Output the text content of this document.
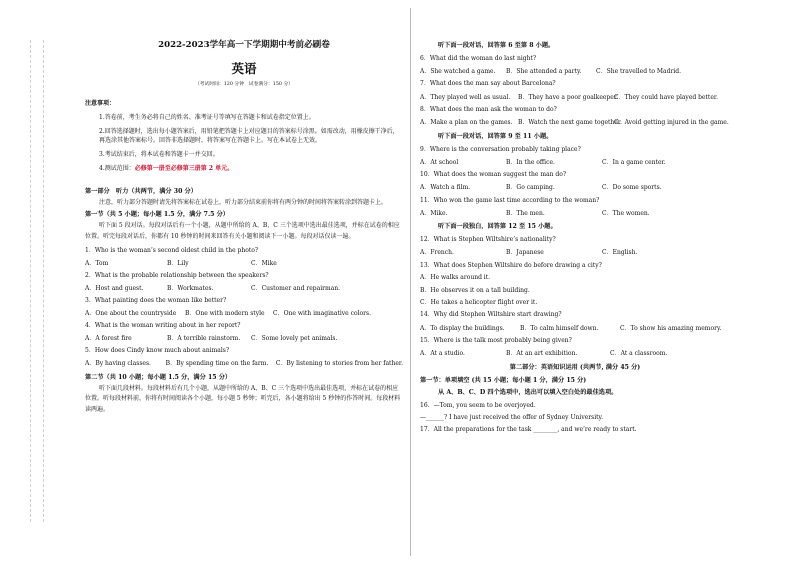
2022-2023学年高一下学期期中考前必刷卷
英语
（考试时间：120 分钟　试卷满分：150 分）
注意事项：
1.答卷前，考生务必将自己的姓名、准考证号等填写在答题卡和试卷指定位置上。
2.回答选择题时，选出每小题答案后，用铅笔把答题卡上对应题目的答案标号涂黑。如需改动，用橡皮擦干净后，再选涂其他答案标号。回答非选择题时，将答案写在答题卡上。写在本试卷上无效。
3.考试结束后，将本试卷和答题卡一并交回。
4.测试范围：必修第一册至必修第三册第 2 单元。
第一部分　听力（共两节，满分 30 分）
注意，听力部分答题时请先将答案标在试卷上，听力部分结束前你将有两分钟的时间将答案转涂到答题卡上。
第一节（共 5 小题；每小题 1.5 分，满分 7.5 分）
听下面 5 段对话。每段对话后有一个小题，从题中所给的 A、B、C 三个选项中选出最佳选项，并标在试卷的相应位置。听完每段对话后，你都有 10 秒钟的时间来回答有关小题和阅读下一小题。每段对话仅读一遍。
1．Who is the woman’s second oldest child in the photo?
A．Tom	B．Lily	C．Mike
2．What is the probable relationship between the speakers?
A．Host and guest.	B．Workmates.	C．Customer and repairman.
3．What painting does the woman like better?
A．One about the countryside	B．One with modern style	C．One with imaginative colors.
4．What is the woman writing about in her report?
A．A forest fire	B．A terrible rainstorm.	C．Some lovely pet animals.
5．How does Cindy know much about animals?
A．By having classes.	B．By spending time on the farm.	C．By listening to stories from her father.
第二节（共 10 小题；每小题 1.5 分，满分 15 分）
听下面几段材料。每段材料后有几个小题，从题中所给的 A、B、C 三个选项中选出最佳选项，并标在试卷的相应位置。听每段材料前，你将有时间阅读各个小题，每小题 5 秒钟；听完后，各小题将给出 5 秒钟的作答时间。每段材料读两遍。
听下面一段对话，回答第 6 至第 8 小题。
6．What did the woman do last night?
A．She watched a game.	B．She attended a party.	C．She travelled to Madrid.
7．What does the man say about Barcelona?
A．They played well as usual.	B．They have a poor goalkeeper.
C．They could have played better.
8．What does the man ask the woman to do?
A．Make a plan on the games. B．Watch the next game together.
C．Avoid getting injured in the game.
听下面一段对话，回答第 9 至 11 小题。
9．Where is the conversation probably taking place?
A．At school	B．In the office.	C．In a game center.
10．What does the woman suggest the man do?
A．Watch a film.	B．Go camping.	C．Do some sports.
11．Who won the game last time according to the woman?
A．Mike.	B．The men.	C．The women.
听下面一段独白，回答第 12 至 15 小题。
12．What is Stephen Wiltshire’s nationality?
A．French.	B．Japanese	C．English.
13．What does Stephen Wiltshire do before drawing a city?
A．He walks around it.
B．He observes it on a tall building.
C．He takes a helicopter flight over it.
14．Why did Stephen Wiltshire start drawing?
A．To display the buildings.	B．To calm himself down.	C．To show his amazing memory.
15．Where is the talk most probably being given?
A．At a studio.	B．At an art exhibition.	C．At a classroom.
第二部分：英语知识运用 (共两节, 满分 45 分)
第一节：单项填空 (共 15 小题；每小题 1 分，满分 15 分)
从 A、B、C、D 四个选项中，选出可以填入空白处的最佳选项。
16．—Tom, you seem to be overjoyed.
—______? I have just received the offer of Sydney University.
17．All the preparations for the task ________, and we’re ready to start.
